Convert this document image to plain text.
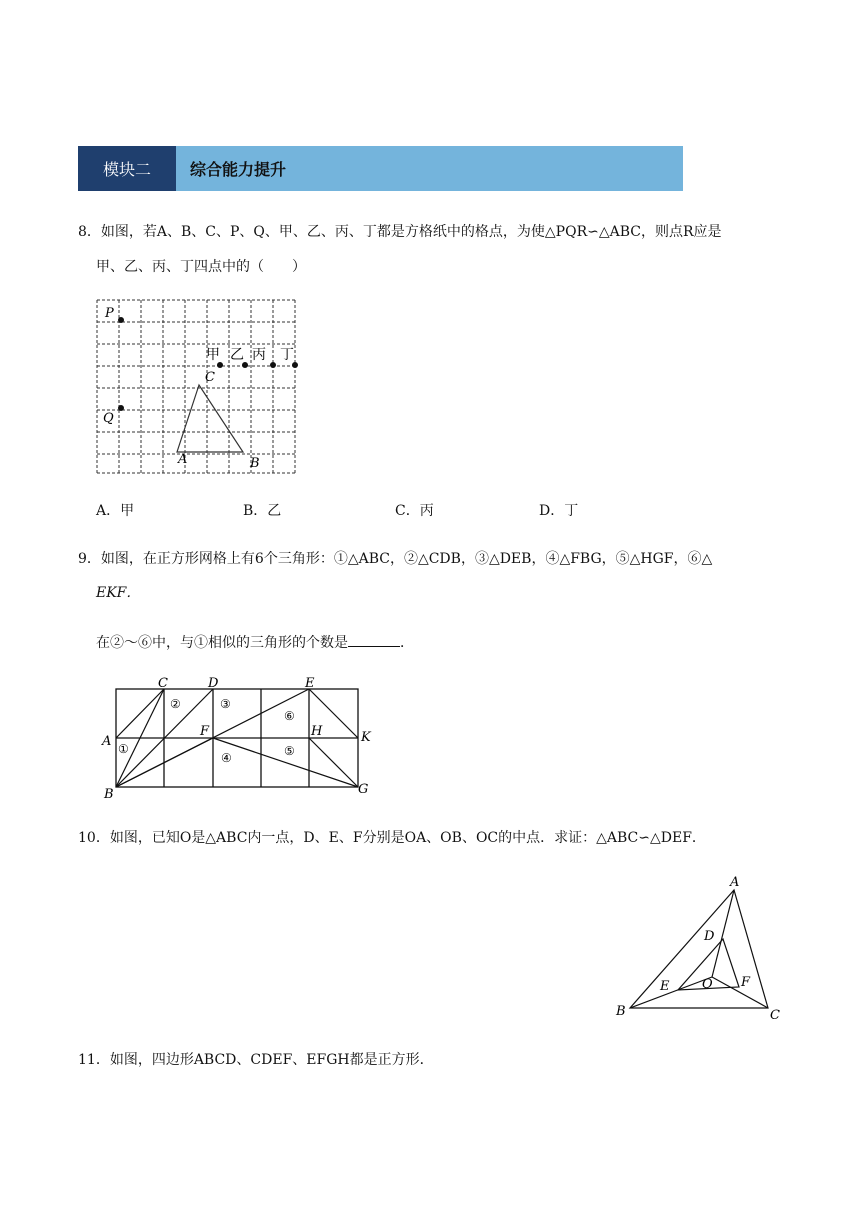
模块二	综合能力提升
8．如图，若A、B、C、P、Q、甲、乙、丙、丁都是方格纸中的格点，为使△PQR∽△ABC，则点R应是
甲、乙、丙、丁四点中的（　　）
P
Q
C
A	B
甲 乙 丙 丁
A．甲	B．乙	C．丙	D．丁
9．如图，在正方形网格上有6个三角形：①△ABC，②△CDB，③△DEB，④△FBG，⑤△HGF，⑥△
EKF．
在②～⑥中，与①相似的三角形的个数是	．
C	D	E
A
F	H	K
B	G
①
②	③
④	⑤
⑥
10．如图，已知O是△ABC内一点，D、E、F分别是OA、OB、OC的中点．求证：△ABC∽△DEF．
A
D
E	O F
B	C
11．如图，四边形ABCD、CDEF、EFGH都是正方形．
